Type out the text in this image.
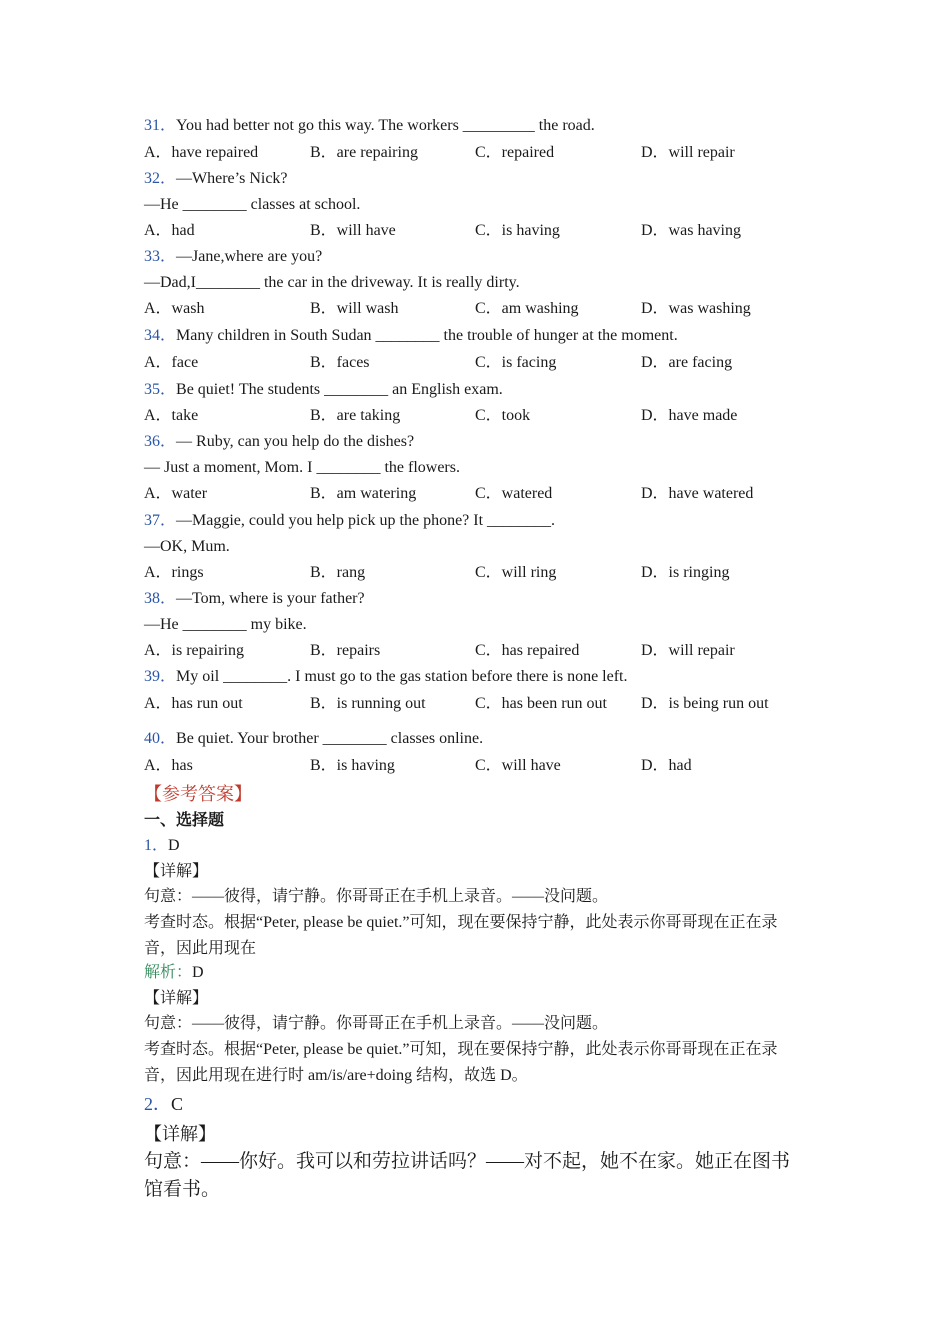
31．You had better not go this way. The workers _________ the road.
A．have repaired	B．are repairing	C．repaired	D．will repair
32．—Where’s Nick?
—He ________ classes at school.
A．had	B．will have	C．is having	D．was having
33．—Jane,where are you?
—Dad,I________ the car in the driveway. It is really dirty.
A．wash	B．will wash	C．am washing	D．was washing
34．Many children in South Sudan ________ the trouble of hunger at the moment.
A．face	B．faces	C．is facing	D．are facing
35．Be quiet! The students ________ an English exam.
A．take	B．are taking	C．took	D．have made
36．— Ruby, can you help do the dishes?
— Just a moment, Mom. I ________ the flowers.
A．water	B．am watering	C．watered	D．have watered
37．—Maggie, could you help pick up the phone? It ________.
—OK, Mum.
A．rings	B．rang	C．will ring	D．is ringing
38．—Tom, where is your father?
—He ________ my bike.
A．is repairing	B．repairs	C．has repaired	D．will repair
39．My oil ________. I must go to the gas station before there is none left.
A．has run out	B．is running out	C．has been run out D．is being run out
40．Be quiet. Your brother ________ classes online.
A．has	B．is having	C．will have	D．had
【参考答案】
一、选择题
1．D
【详解】
句意：——彼得，请宁静。你哥哥正在手机上录音。——没问题。
考查时态。根据“Peter, please be quiet.”可知，现在要保持宁静，此处表示你哥哥现在正在录音，因此用现在
解析：D
【详解】
句意：——彼得，请宁静。你哥哥正在手机上录音。——没问题。
考查时态。根据“Peter, please be quiet.”可知，现在要保持宁静，此处表示你哥哥现在正在录音，因此用现在进行时 am/is/are+doing 结构，故选 D。
2．C
【详解】
句意：——你好。我可以和劳拉讲话吗？——对不起，她不在家。她正在图书馆看书。
